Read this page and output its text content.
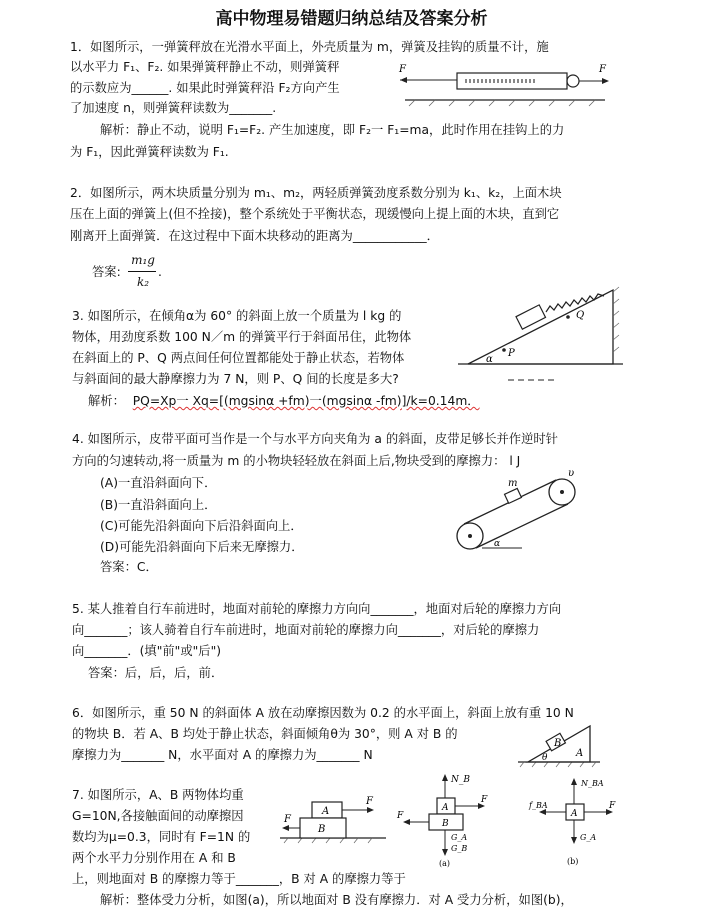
高中物理易错题归纳总结及答案分析
1．如图所示，一弹簧秤放在光滑水平面上，外壳质量为 m，弹簧及挂钩的质量不计，施
以水平力 F₁、F₂. 如果弹簧秤静止不动，则弹簧秤
的示数应为______. 如果此时弹簧秤沿 F₂方向产生
了加速度 n，则弹簧秤读数为_______.
解析：静止不动，说明 F₁=F₂. 产生加速度，即 F₂一 F₁=ma，此时作用在挂钩上的力
为 F₁，因此弹簧秤读数为 F₁.
F	F
2．如图所示，两木块质量分别为 m₁、m₂，两轻质弹簧劲度系数分别为 k₁、k₂，上面木块
压在上面的弹簧上(但不拴接)，整个系统处于平衡状态，现缓慢向上提上面的木块，直到它
刚离开上面弹簧．在这过程中下面木块移动的距离为____________．
答案:
m₁g
k₂
.
3. 如图所示，在倾角α为 60° 的斜面上放一个质量为 l kg 的
物体，用劲度系数 100 N／m 的弹簧平行于斜面吊住，此物体
在斜面上的 P、Q 两点间任何位置都能处于静止状态，若物体
与斜面间的最大静摩擦力为 7 N，则 P、Q 间的长度是多大?
解析： PQ=Xp一 Xq=[(mgsinα +fm)一(mgsinα -fm)]/k=0.14m．
Q
P
α
4. 如图所示，皮带平面可当作是一个与水平方向夹角为 a 的斜面，皮带足够长并作逆时针
方向的匀速转动,将一质量为 m 的小物块轻轻放在斜面上后,物块受到的摩擦力： l J
(A)一直沿斜面向下．
(B)一直沿斜面向上．
(C)可能先沿斜面向下后沿斜面向上．
(D)可能先沿斜面向下后来无摩擦力．
答案：C．
m
υ
α
5. 某人推着自行车前进时，地面对前轮的摩擦力方向向_______，地面对后轮的摩擦力方向
向_______；该人骑着自行车前进时，地面对前轮的摩擦力向_______，对后轮的摩擦力
向_______．(填"前"或"后")
答案：后，后，后，前．
6．如图所示，重 50 N 的斜面体 A 放在动摩擦因数为 0.2 的水平面上，斜面上放有重 10 N
的物块 B．若 A、B 均处于静止状态，斜面倾角θ为 30°，则 A 对 B 的
摩擦力为_______ N，水平面对 A 的摩擦力为_______ N
B
A
θ
7. 如图所示，A、B 两物体均重
G=10N,各接触面间的动摩擦因
数均为μ=0.3，同时有 F=1N 的
两个水平力分别作用在 A 和 B
上，则地面对 B 的摩擦力等于_______，B 对 A 的摩擦力等于
解析：整体受力分析，如图(a)，所以地面对 B 没有摩擦力．对 A 受力分析，如图(b)，
A
B
F
F
N_B
A
B
F
F
G_A
G_B
(a)
N_BA
f_BA
A
F
G_A
(b)
